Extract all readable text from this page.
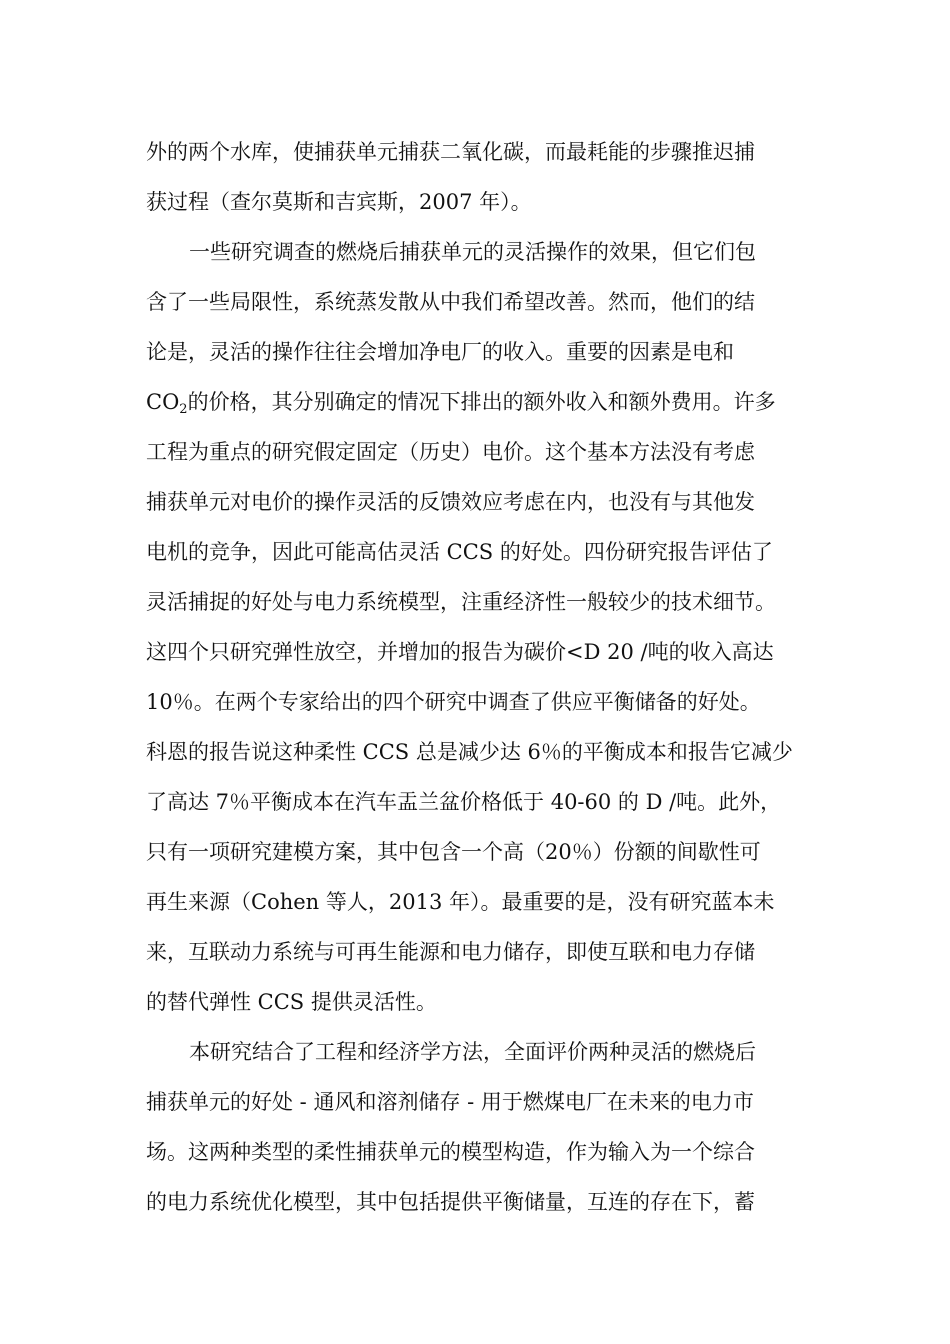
外的两个水库，使捕获单元捕获二氧化碳，而最耗能的步骤推迟捕
获过程（查尔莫斯和吉宾斯，2007 年）。
一些研究调查的燃烧后捕获单元的灵活操作的效果，但它们包
含了一些局限性，系统蒸发散从中我们希望改善。然而，他们的结
论是，灵活的操作往往会增加净电厂的收入。重要的因素是电和
$CO_2$的价格，其分别确定的情况下排出的额外收入和额外费用。许多
工程为重点的研究假定固定（历史）电价。这个基本方法没有考虑
捕获单元对电价的操作灵活的反馈效应考虑在内，也没有与其他发
电机的竞争，因此可能高估灵活 CCS 的好处。四份研究报告评估了
灵活捕捉的好处与电力系统模型，注重经济性一般较少的技术细节。
这四个只研究弹性放空，并增加的报告为碳价<D 20 /吨的收入高达
10％。在两个专家给出的四个研究中调查了供应平衡储备的好处。
科恩的报告说这种柔性 CCS 总是减少达 6％的平衡成本和报告它减少
了高达 7％平衡成本在汽车盂兰盆价格低于 40-60 的 D /吨。此外，
只有一项研究建模方案，其中包含一个高（20％）份额的间歇性可
再生来源（Cohen 等人，2013 年）。最重要的是，没有研究蓝本未
来，互联动力系统与可再生能源和电力储存，即使互联和电力存储
的替代弹性 CCS 提供灵活性。
本研究结合了工程和经济学方法，全面评价两种灵活的燃烧后
捕获单元的好处 - 通风和溶剂储存 - 用于燃煤电厂在未来的电力市
场。这两种类型的柔性捕获单元的模型构造，作为输入为一个综合
的电力系统优化模型，其中包括提供平衡储量，互连的存在下，蓄
